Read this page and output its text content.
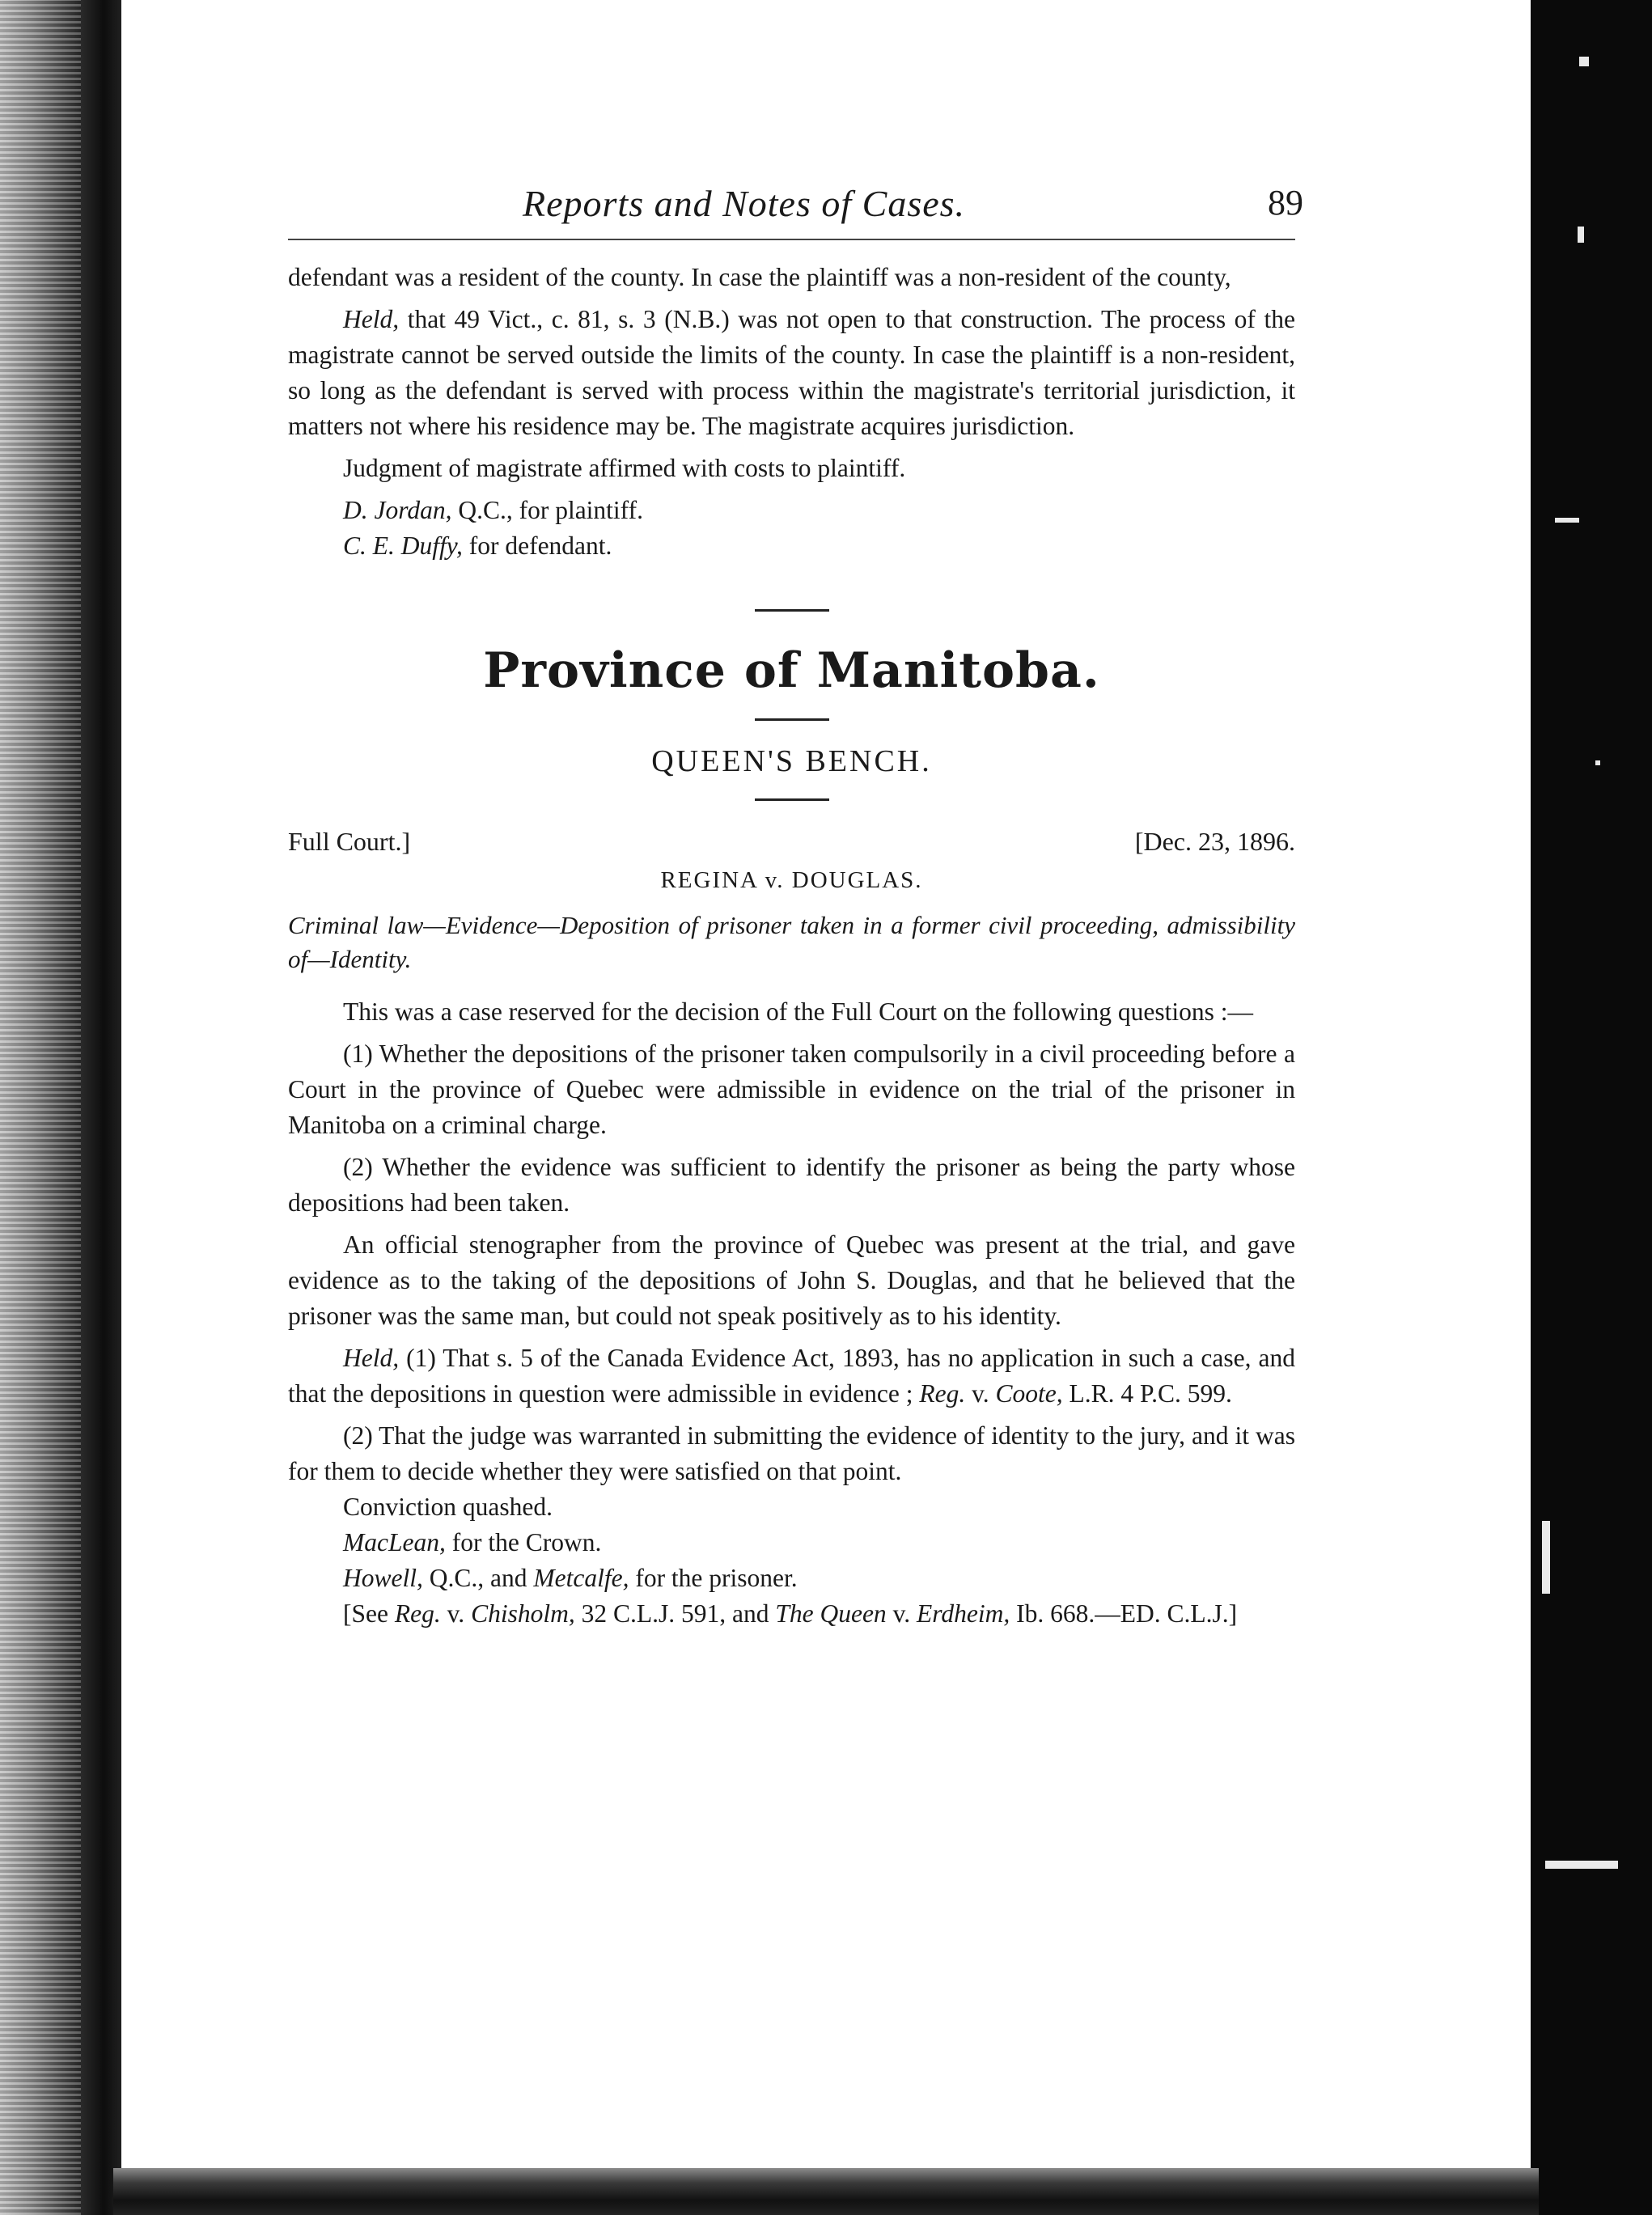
Reports and Notes of Cases.	89

defendant was a resident of the county. In case the plaintiff was a non-resident of the county,

Held, that 49 Vict., c. 81, s. 3 (N.B.) was not open to that construction. The process of the magistrate cannot be served outside the limits of the county. In case the plaintiff is a non-resident, so long as the defendant is served with process within the magistrate's territorial jurisdiction, it matters not where his residence may be. The magistrate acquires jurisdiction.

Judgment of magistrate affirmed with costs to plaintiff.

D. Jordan, Q.C., for plaintiff.

C. E. Duffy, for defendant.

Province of Manitoba.
QUEEN'S BENCH.
Full Court.]	[Dec. 23, 1896.
REGINA v. DOUGLAS.

Criminal law—Evidence—Deposition of prisoner taken in a former civil proceeding, admissibility of—Identity.

This was a case reserved for the decision of the Full Court on the following questions :—

(1) Whether the depositions of the prisoner taken compulsorily in a civil proceeding before a Court in the province of Quebec were admissible in evidence on the trial of the prisoner in Manitoba on a criminal charge.

(2) Whether the evidence was sufficient to identify the prisoner as being the party whose depositions had been taken.

An official stenographer from the province of Quebec was present at the trial, and gave evidence as to the taking of the depositions of John S. Douglas, and that he believed that the prisoner was the same man, but could not speak positively as to his identity.

Held, (1) That s. 5 of the Canada Evidence Act, 1893, has no application in such a case, and that the depositions in question were admissible in evidence ; Reg. v. Coote, L.R. 4 P.C. 599.

(2) That the judge was warranted in submitting the evidence of identity to the jury, and it was for them to decide whether they were satisfied on that point.

Conviction quashed.

MacLean, for the Crown.

Howell, Q.C., and Metcalfe, for the prisoner.

[See Reg. v. Chisholm, 32 C.L.J. 591, and The Queen v. Erdheim, Ib. 668.—ED. C.L.J.]
